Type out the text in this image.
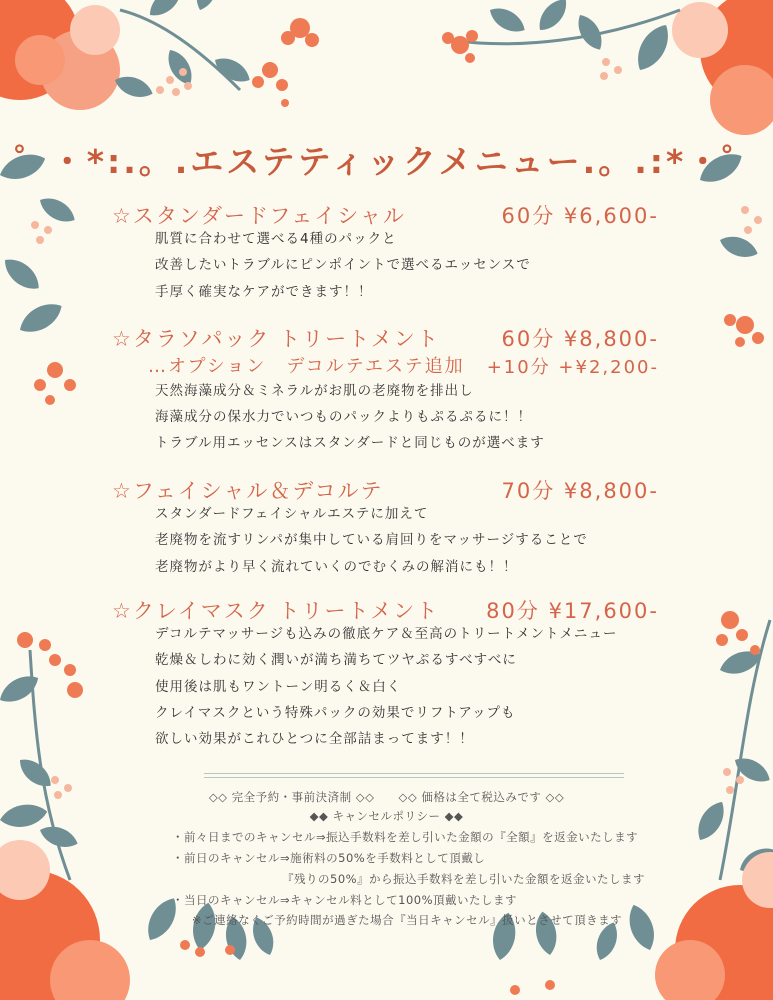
゜・*:.。.エステティックメニュー.。.:*・゜
☆スタンダードフェイシャル	60分 ¥6,600-
肌質に合わせて選べる4種のパックと
改善したいトラブルにピンポイントで選べるエッセンスで
手厚く確実なケアができます！！
☆タラソパック トリートメント	60分 ¥8,800-
…オプション　デコルテエステ追加 +10分 +¥2,200-
天然海藻成分＆ミネラルがお肌の老廃物を排出し
海藻成分の保水力でいつものパックよりもぷるぷるに！！
トラブル用エッセンスはスタンダードと同じものが選べます
☆フェイシャル＆デコルテ	70分 ¥8,800-
スタンダードフェイシャルエステに加えて
老廃物を流すリンパが集中している肩回りをマッサージすることで
老廃物がより早く流れていくのでむくみの解消にも！！
☆クレイマスク トリートメント 80分 ¥17,600-
デコルテマッサージも込みの徹底ケア＆至高のトリートメントメニュー
乾燥＆しわに効く潤いが満ち満ちてツヤぷるすべすべに
使用後は肌もワントーン明るく＆白く
クレイマスクという特殊パックの効果でリフトアップも
欲しい効果がこれひとつに全部詰まってます！！
◇◇ 完全予約・事前決済制 ◇◇　　◇◇ 価格は全て税込みです ◇◇
◆◆ キャンセルポリシー ◆◆
・前々日までのキャンセル⇒振込手数料を差し引いた金額の『全額』を返金いたします
・前日のキャンセル⇒施術料の50%を手数料として頂戴し
『残りの50%』から振込手数料を差し引いた金額を返金いたします
・当日のキャンセル⇒キャンセル料として100%頂戴いたします
※ご連絡なくご予約時間が過ぎた場合『当日キャンセル』扱いとさせて頂きます
